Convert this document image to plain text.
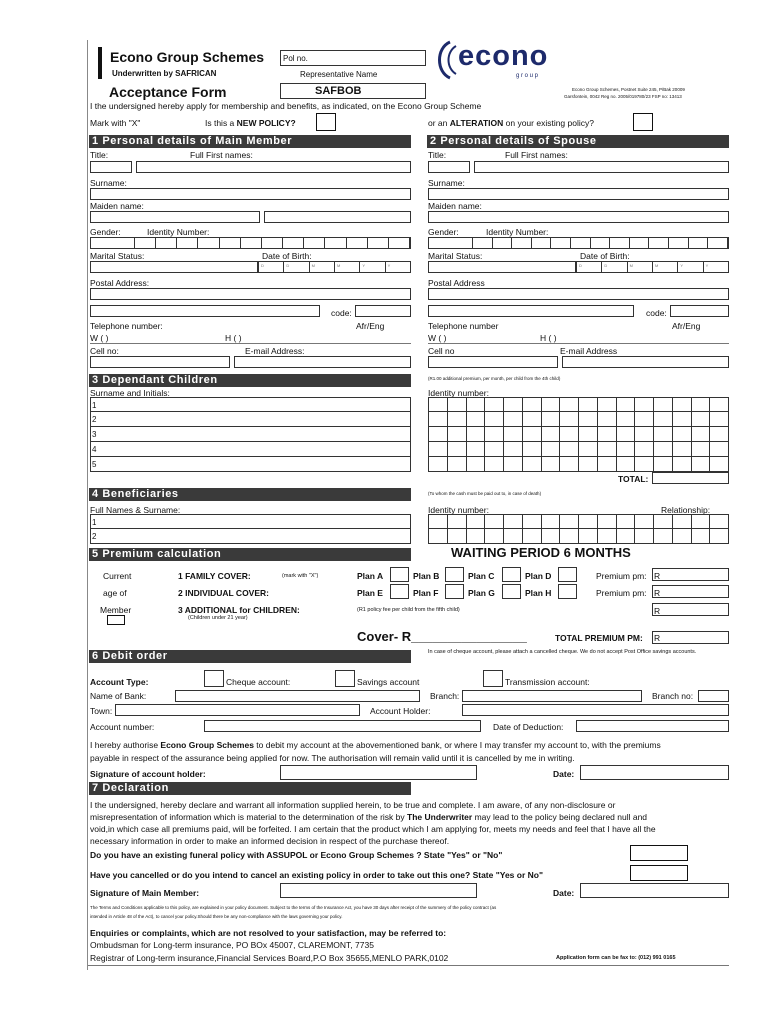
Econo Group Schemes
Underwritten by SAFRICAN
Acceptance Form
Pol no.
Representative Name
SAFBOB
econo
g r o u p
Econo Group Schemes, Postnet Suite 245, P/Bak 20009
Garsfontein, 0042 Reg no. 2005/019780/23 FSP no: 13413
I the undersigned hereby apply for membership and benefits, as indicated, on the Econo Group Scheme
Mark with "X"	Is this a NEW POLICY?	or an ALTERATION on your existing policy?
1 Personal details of Main Member	2 Personal details of Spouse
Title:	Full First names:
Surname:
Maiden name:
Gender:	Identity Number:
Marital Status:	Date of Birth:
D	D	M	M	Y	Y
Postal Address:
code:
Telephone number:	Afr/Eng
W ( )	H ( )
Cell no:	E-mail Address:
Title:	Full First names:
Surname:
Maiden name:
Gender:	Identity Number:
Marital Status:	Date of Birth:
D	D	M	M	Y	Y
Postal Address
code:
Telephone number	Afr/Eng
W ( )	H ( )
Cell no	E-mail Address
3 Dependant Children	(R1.00 additional premium, per month, per child from the 4th child)
Surname and Initials:	Identity number:
1
2
3
4
5
TOTAL:
4 Beneficiaries	(To whom the cash must be paid out to, in case of death)
Full Names & Surname:	Identity number:	Relationship:
1
2
5 Premium calculation	WAITING PERIOD 6 MONTHS
Current
age of
Member
1 FAMILY COVER:	(mark with "X")
2 INDIVIDUAL COVER:
3 ADDITIONAL for CHILDREN:
(Children under 21 year)
(R1 policy fee per child from the fifth child)
Plan A	Plan B	Plan C	Plan D
Plan E	Plan F	Plan G	Plan H
Premium pm: R
Premium pm: R
R
Cover- R________________	TOTAL PREMIUM PM: R
6 Debit order	In case of cheque account, please attach a cancelled cheque. We do not accept Post Office savings accounts.
Account Type:	Cheque account:	Savings account	Transmission account:
Name of Bank:	Branch:	Branch no:
Town:	Account Holder:
Account number:	Date of Deduction:
I hereby authorise Econo Group Schemes to debit my account at the abovementioned bank, or where I may transfer my account to, with the premiums
payable in respect of the assurance being applied for now. The authorisation will remain valid until it is cancelled by me in writing.
Signature of account holder:	Date:
7 Declaration
I the undersigned, hereby declare and warrant all information supplied herein, to be true and complete. I am aware, of any non-disclosure or
misrepresentation of information which is material to the determination of the risk by The Underwriter may lead to the policy being declared null and
void,in which case all premiums paid, will be forfeited. I am certain that the product which I am applying for, meets my needs and feel that I have all the
necessary information in order to make an informed decision in respect of the purchase thereof.
Do you have an existing funeral policy with ASSUPOL or Econo Group Schemes ? State "Yes" or "No"
Have you cancelled or do you intend to cancel an existing policy in order to take out this one? State "Yes or No"
Signature of Main Member:	Date:
The Terms and Conditions applicable to this policy, are explained in your policy document. Subject to the terms of the Insurance Act, you have 30 days after receipt of the summery of the policy contract (as
intended in Article 48 of the Act), to cancel your policy.Should there be any non-compliance with the laws governing your policy.
Enquiries or complaints, which are not resolved to your satisfaction, may be referred to:
Ombudsman for Long-term insurance, PO BOx 45007, CLAREMONT, 7735
Registrar of Long-term insurance,Financial Services Board,P.O Box 35655,MENLO PARK,0102	Application form can be fax to: (012) 991 0165
